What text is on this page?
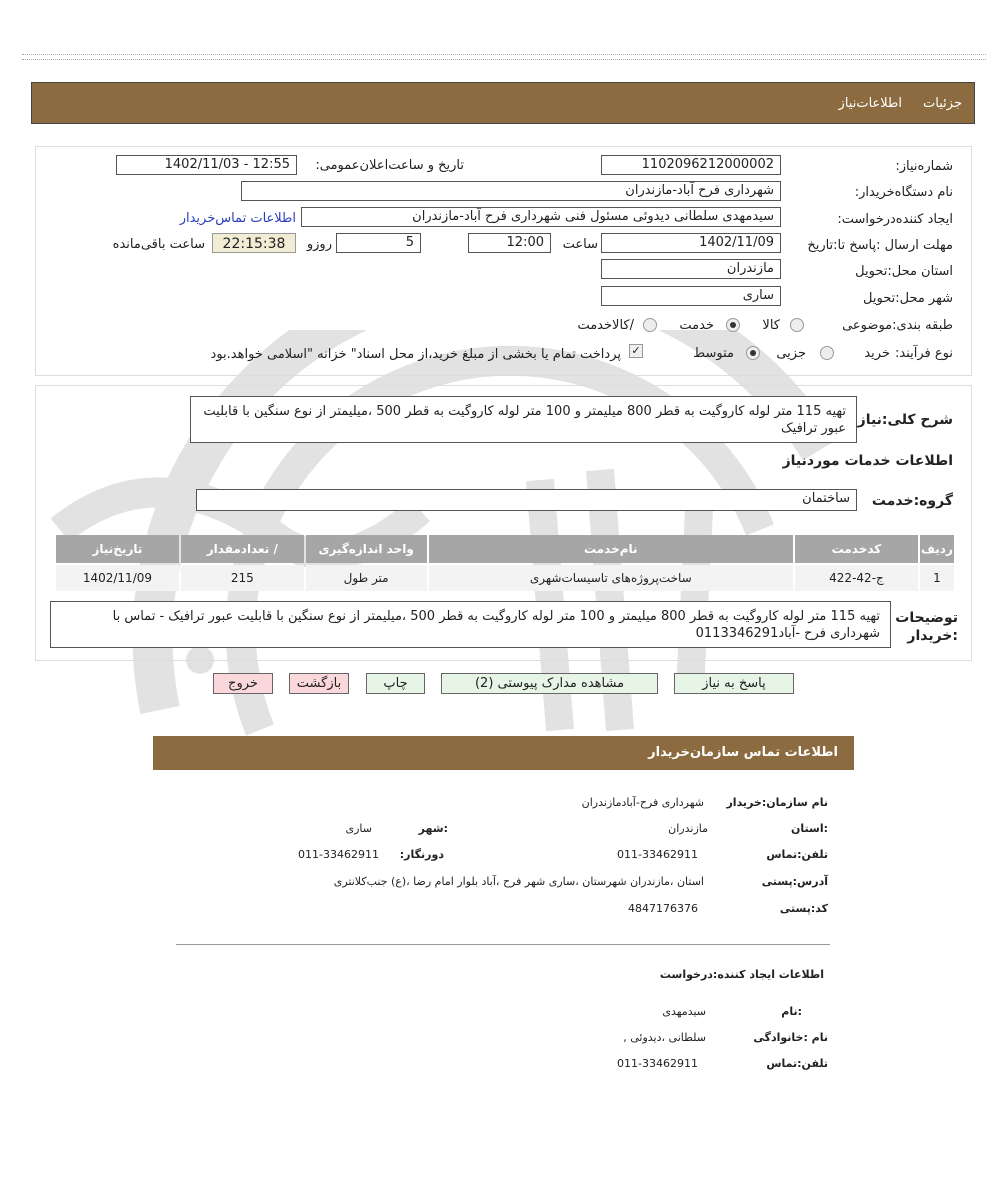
جزئیات
اطلاعات‌نیاز
شماره‌نیاز:
1102096212000002
تاریخ و ساعت‌اعلان‌عمومی:
1402/11/03 - 12:55
نام دستگاه‌خریدار:
شهرداری فرح آباد-مازندران
ایجاد کننده‌درخواست:
سیدمهدی سلطانی دیدوئی مسئول فنی شهرداری فرح آباد-مازندران
اطلاعات تماس‌خریدار
مهلت ارسال :پاسخ تا:تاریخ
1402/11/09
ساعت
12:00
5
روزو
22:15:38
ساعت باقی‌مانده
استان محل:تحویل
مازندران
شهر محل:تحویل
ساری
طبقه بندی:موضوعی
کالا
خدمت
/کالاخدمت
نوع فرآیند:
خرید
جزیی
متوسط
✓
پرداخت تمام یا بخشی از مبلغ خرید،از محل اسناد" خزانه "اسلامی خواهد.بود
شرح کلی:نیاز
تهیه 115 متر لوله کاروگیت به قطر 800 میلیمتر و 100 متر لوله کاروگیت به قطر 500 ،میلیمتر از نوع سنگین با قابلیت عبور ترافیک
اطلاعات خدمات موردنیاز
گروه:خدمت
ساختمان
ردیف	کدخدمت	نام‌خدمت	واحد اندازه‌گیری	/ تعدادمقدار	تاریخ‌نیاز
1	ج-42-422	ساخت‌پروژه‌های تاسیسات‌شهری	متر طول	215	1402/11/09
توضیحات :خریدار
تهیه 115 متر لوله کاروگیت به قطر 800 میلیمتر و 100 متر لوله کاروگیت به قطر 500 ،میلیمتر از نوع سنگین با قابلیت عبور ترافیک - تماس با شهرداری فرح -آباد0113346291
پاسخ به نیاز
مشاهده مدارک پیوستی (2)
چاپ
بازگشت
خروج
اطلاعات تماس سازمان‌خریدار
نام سازمان:خریدار
شهرداری فرح-آبادمازندران
:استان
مازندران
:شهر
ساری
تلفن:تماس
011-33462911
دورنگار:
011-33462911
آدرس:پستی
استان ،مازندران شهرستان ،ساری شهر فرح ،آباد بلوار امام رضا ،(ع) جنب‌کلانتری
کد:پستی
4847176376
اطلاعات ایجاد کننده:درخواست
:نام
سیدمهدی
نام :خانوادگی
سلطانی ،دیدوئی ,
تلفن:تماس
011-33462911
